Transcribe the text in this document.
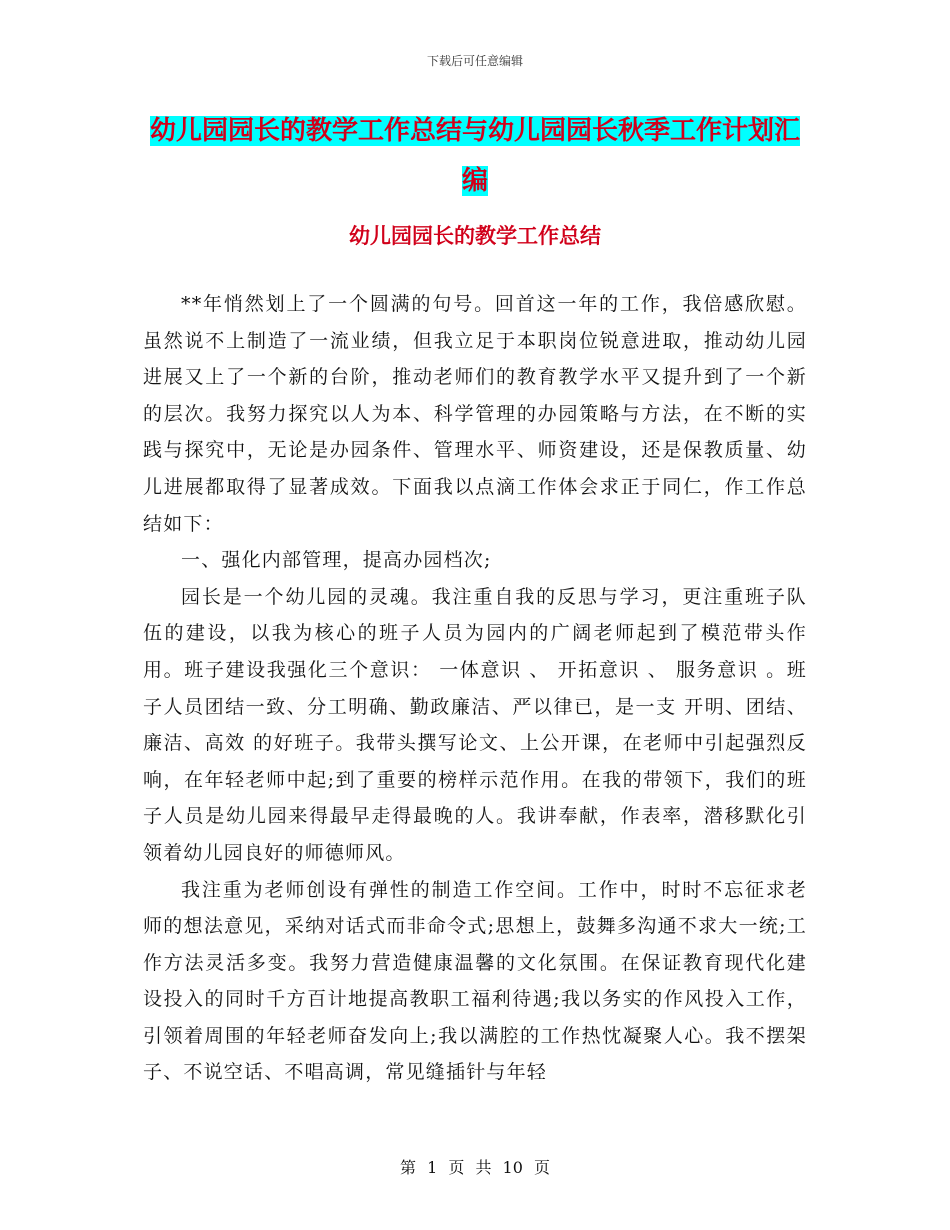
下载后可任意编辑
幼儿园园长的教学工作总结与幼儿园园长秋季工作计划汇编
幼儿园园长的教学工作总结

**年悄然划上了一个圆满的句号。回首这一年的工作，我倍感欣慰。虽然说不上制造了一流业绩，但我立足于本职岗位锐意进取，推动幼儿园进展又上了一个新的台阶，推动老师们的教育教学水平又提升到了一个新的层次。我努力探究以人为本、科学管理的办园策略与方法，在不断的实践与探究中，无论是办园条件、管理水平、师资建设，还是保教质量、幼儿进展都取得了显著成效。下面我以点滴工作体会求正于同仁，作工作总结如下：

一、强化内部管理，提高办园档次;

园长是一个幼儿园的灵魂。我注重自我的反思与学习，更注重班子队伍的建设，以我为核心的班子人员为园内的广阔老师起到了模范带头作用。班子建设我强化三个意识： 一体意识 、 开拓意识 、 服务意识 。班子人员团结一致、分工明确、勤政廉洁、严以律已，是一支 开明、团结、廉洁、高效 的好班子。我带头撰写论文、上公开课，在老师中引起强烈反响，在年轻老师中起;到了重要的榜样示范作用。在我的带领下，我们的班子人员是幼儿园来得最早走得最晚的人。我讲奉献，作表率，潜移默化引领着幼儿园良好的师德师风。

我注重为老师创设有弹性的制造工作空间。工作中，时时不忘征求老师的想法意见，采纳对话式而非命令式;思想上，鼓舞多沟通不求大一统;工作方法灵活多变。我努力营造健康温馨的文化氛围。在保证教育现代化建设投入的同时千方百计地提高教职工福利待遇;我以务实的作风投入工作，引领着周围的年轻老师奋发向上;我以满腔的工作热忱凝聚人心。我不摆架子、不说空话、不唱高调，常见缝插针与年轻

第 1 页 共 10 页
